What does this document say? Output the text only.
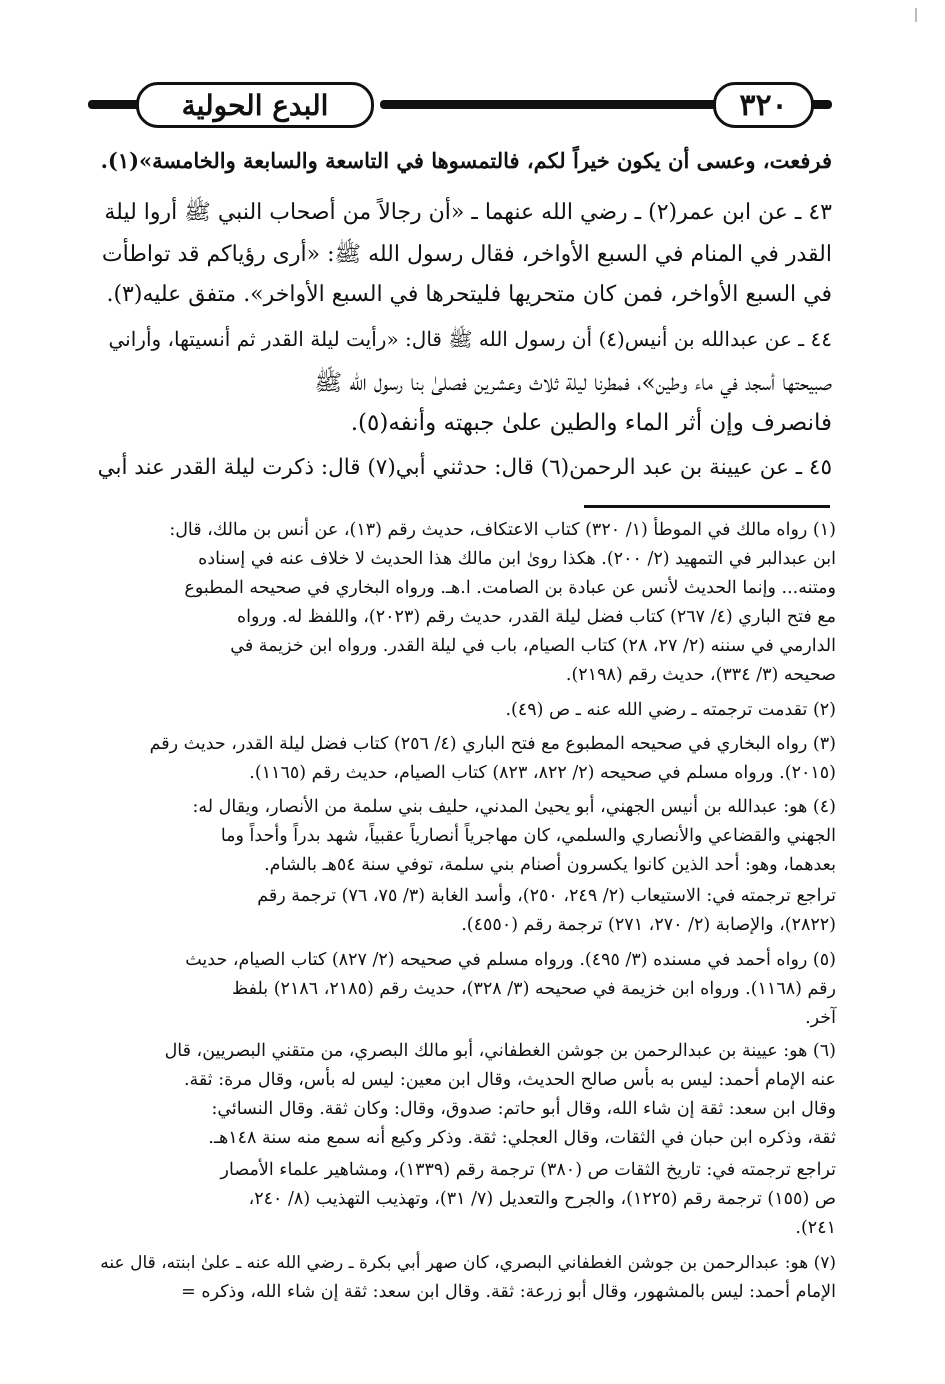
البدع الحولية	٣٢٠
فرفعت، وعسى أن يكون خيراً لكم، فالتمسوها في التاسعة والسابعة والخامسة»(١).
٤٣ ـ عن ابن عمر(٢) ـ رضي الله عنهما ـ «أن رجالاً من أصحاب النبي ﷺ أروا ليلة
القدر في المنام في السبع الأواخر، فقال رسول الله ﷺ: «أرى رؤياكم قد تواطأت
في السبع الأواخر، فمن كان متحريها فليتحرها في السبع الأواخر». متفق عليه(٣).
٤٤ ـ عن عبدالله بن أنيس(٤) أن رسول الله ﷺ قال: «رأيت ليلة القدر ثم أنسيتها، وأراني
صبيحتها أسجد في ماء وطين»، فمطرنا ليلة ثلاث وعشرين فصلىٰ بنا رسول الله ﷺ
فانصرف وإن أثر الماء والطين علىٰ جبهته وأنفه(٥).
٤٥ ـ عن عيينة بن عبد الرحمن(٦) قال: حدثني أبي(٧) قال: ذكرت ليلة القدر عند أبي
(١) رواه مالك في الموطأ (١/ ٣٢٠) كتاب الاعتكاف، حديث رقم (١٣)، عن أنس بن مالك، قال:
ابن عبدالبر في التمهيد (٢/ ٢٠٠). هكذا روىٰ ابن مالك هذا الحديث لا خلاف عنه في إسناده
ومتنه... وإنما الحديث لأنس عن عبادة بن الصامت. ا.هـ. ورواه البخاري في صحيحه المطبوع
مع فتح الباري (٤/ ٢٦٧) كتاب فضل ليلة القدر، حديث رقم (٢٠٢٣)، واللفظ له. ورواه
الدارمي في سننه (٢/ ٢٧، ٢٨) كتاب الصيام، باب في ليلة القدر. ورواه ابن خزيمة في
صحيحه (٣/ ٣٣٤)، حديث رقم (٢١٩٨).
(٢) تقدمت ترجمته ـ رضي الله عنه ـ ص (٤٩).
(٣) رواه البخاري في صحيحه المطبوع مع فتح الباري (٤/ ٢٥٦) كتاب فضل ليلة القدر، حديث رقم
(٢٠١٥). ورواه مسلم في صحيحه (٢/ ٨٢٢، ٨٢٣) كتاب الصيام، حديث رقم (١١٦٥).
(٤) هو: عبدالله بن أنيس الجهني، أبو يحيىٰ المدني، حليف بني سلمة من الأنصار، ويقال له:
الجهني والقضاعي والأنصاري والسلمي، كان مهاجرياً أنصارياً عقبياً، شهد بدراً وأحداً وما
بعدهما، وهو: أحد الذين كانوا يكسرون أصنام بني سلمة، توفي سنة ٥٤هـ بالشام.
تراجع ترجمته في: الاستيعاب (٢/ ٢٤٩، ٢٥٠)، وأسد الغابة (٣/ ٧٥، ٧٦) ترجمة رقم
(٢٨٢٢)، والإصابة (٢/ ٢٧٠، ٢٧١) ترجمة رقم (٤٥٥٠).
(٥) رواه أحمد في مسنده (٣/ ٤٩٥). ورواه مسلم في صحيحه (٢/ ٨٢٧) كتاب الصيام، حديث
رقم (١١٦٨). ورواه ابن خزيمة في صحيحه (٣/ ٣٢٨)، حديث رقم (٢١٨٥، ٢١٨٦) بلفظ
آخر.
(٦) هو: عيينة بن عبدالرحمن بن جوشن الغطفاني، أبو مالك البصري، من متقني البصريين، قال
عنه الإمام أحمد: ليس به بأس صالح الحديث، وقال ابن معين: ليس له بأس، وقال مرة: ثقة.
وقال ابن سعد: ثقة إن شاء الله، وقال أبو حاتم: صدوق، وقال: وكان ثقة. وقال النسائي:
ثقة، وذكره ابن حبان في الثقات، وقال العجلي: ثقة. وذكر وكيع أنه سمع منه سنة ١٤٨هـ.
تراجع ترجمته في: تاريخ الثقات ص (٣٨٠) ترجمة رقم (١٣٣٩)، ومشاهير علماء الأمصار
ص (١٥٥) ترجمة رقم (١٢٢٥)، والجرح والتعديل (٧/ ٣١)، وتهذيب التهذيب (٨/ ٢٤٠،
٢٤١).
(٧) هو: عبدالرحمن بن جوشن الغطفاني البصري، كان صهر أبي بكرة ـ رضي الله عنه ـ علىٰ ابنته، قال عنه
الإمام أحمد: ليس بالمشهور، وقال أبو زرعة: ثقة. وقال ابن سعد: ثقة إن شاء الله، وذكره =
